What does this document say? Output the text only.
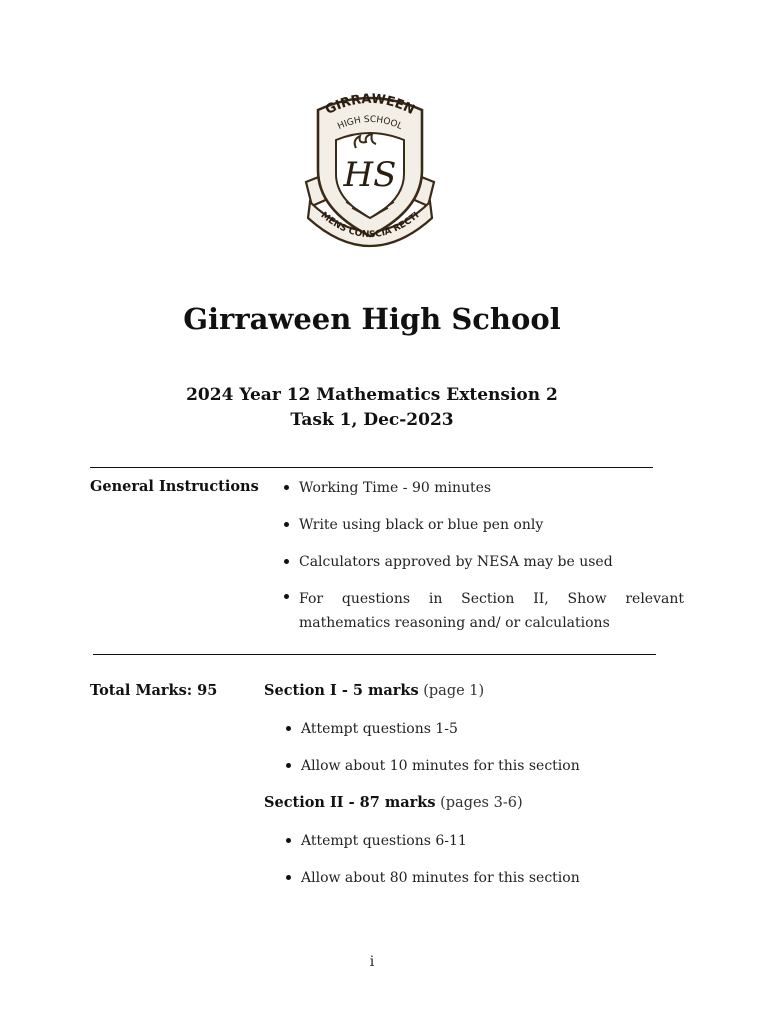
GIRRAWEEN
HIGH SCHOOL
MENS CONSCIA RECTI
HS
Girraween High School
2024 Year 12 Mathematics Extension 2
Task 1, Dec-2023
General Instructions	Working Time - 90 minutes
Write using black or blue pen only
Calculators approved by NESA may be used
For questions in Section II, Show relevant mathematics reasoning and/ or calculations
Total Marks: 95	Section I - 5 marks (page 1)
Attempt questions 1-5
Allow about 10 minutes for this section
Section II - 87 marks (pages 3-6)
Attempt questions 6-11
Allow about 80 minutes for this section
i
